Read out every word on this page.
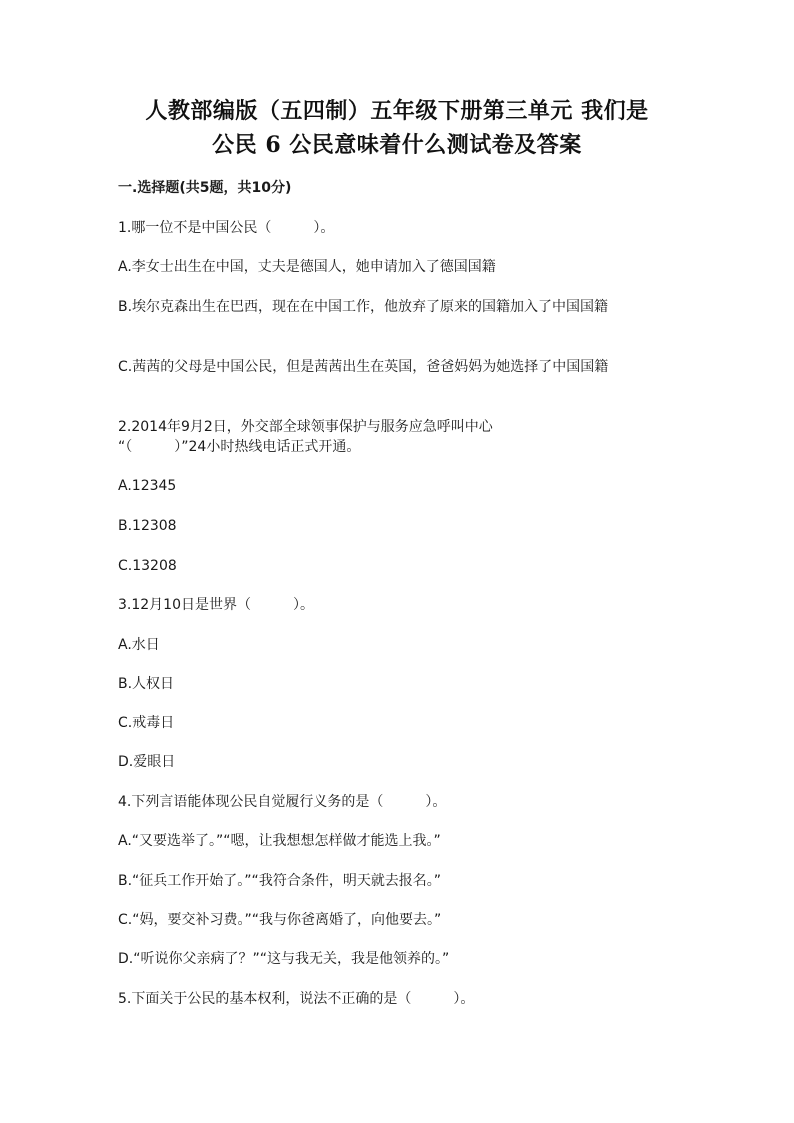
人教部编版（五四制）五年级下册第三单元 我们是
公民 6 公民意味着什么测试卷及答案
一.选择题(共5题，共10分)
1.哪一位不是中国公民（　　　）。
A.李女士出生在中国，丈夫是德国人，她申请加入了德国国籍
B.埃尔克森出生在巴西，现在在中国工作，他放弃了原来的国籍加入了中国国籍
C.茜茜的父母是中国公民，但是茜茜出生在英国，爸爸妈妈为她选择了中国国籍
2.2014年9月2日，外交部全球领事保护与服务应急呼叫中心
“（　　　）”24小时热线电话正式开通。
A.12345
B.12308
C.13208
3.12月10日是世界（　　　）。
A.水日
B.人权日
C.戒毒日
D.爱眼日
4.下列言语能体现公民自觉履行义务的是（　　　）。
A.“又要选举了。”“嗯，让我想想怎样做才能选上我。”
B.“征兵工作开始了。”“我符合条件，明天就去报名。”
C.“妈，要交补习费。”“我与你爸离婚了，向他要去。”
D.“听说你父亲病了？”“这与我无关，我是他领养的。”
5.下面关于公民的基本权利，说法不正确的是（　　　）。
